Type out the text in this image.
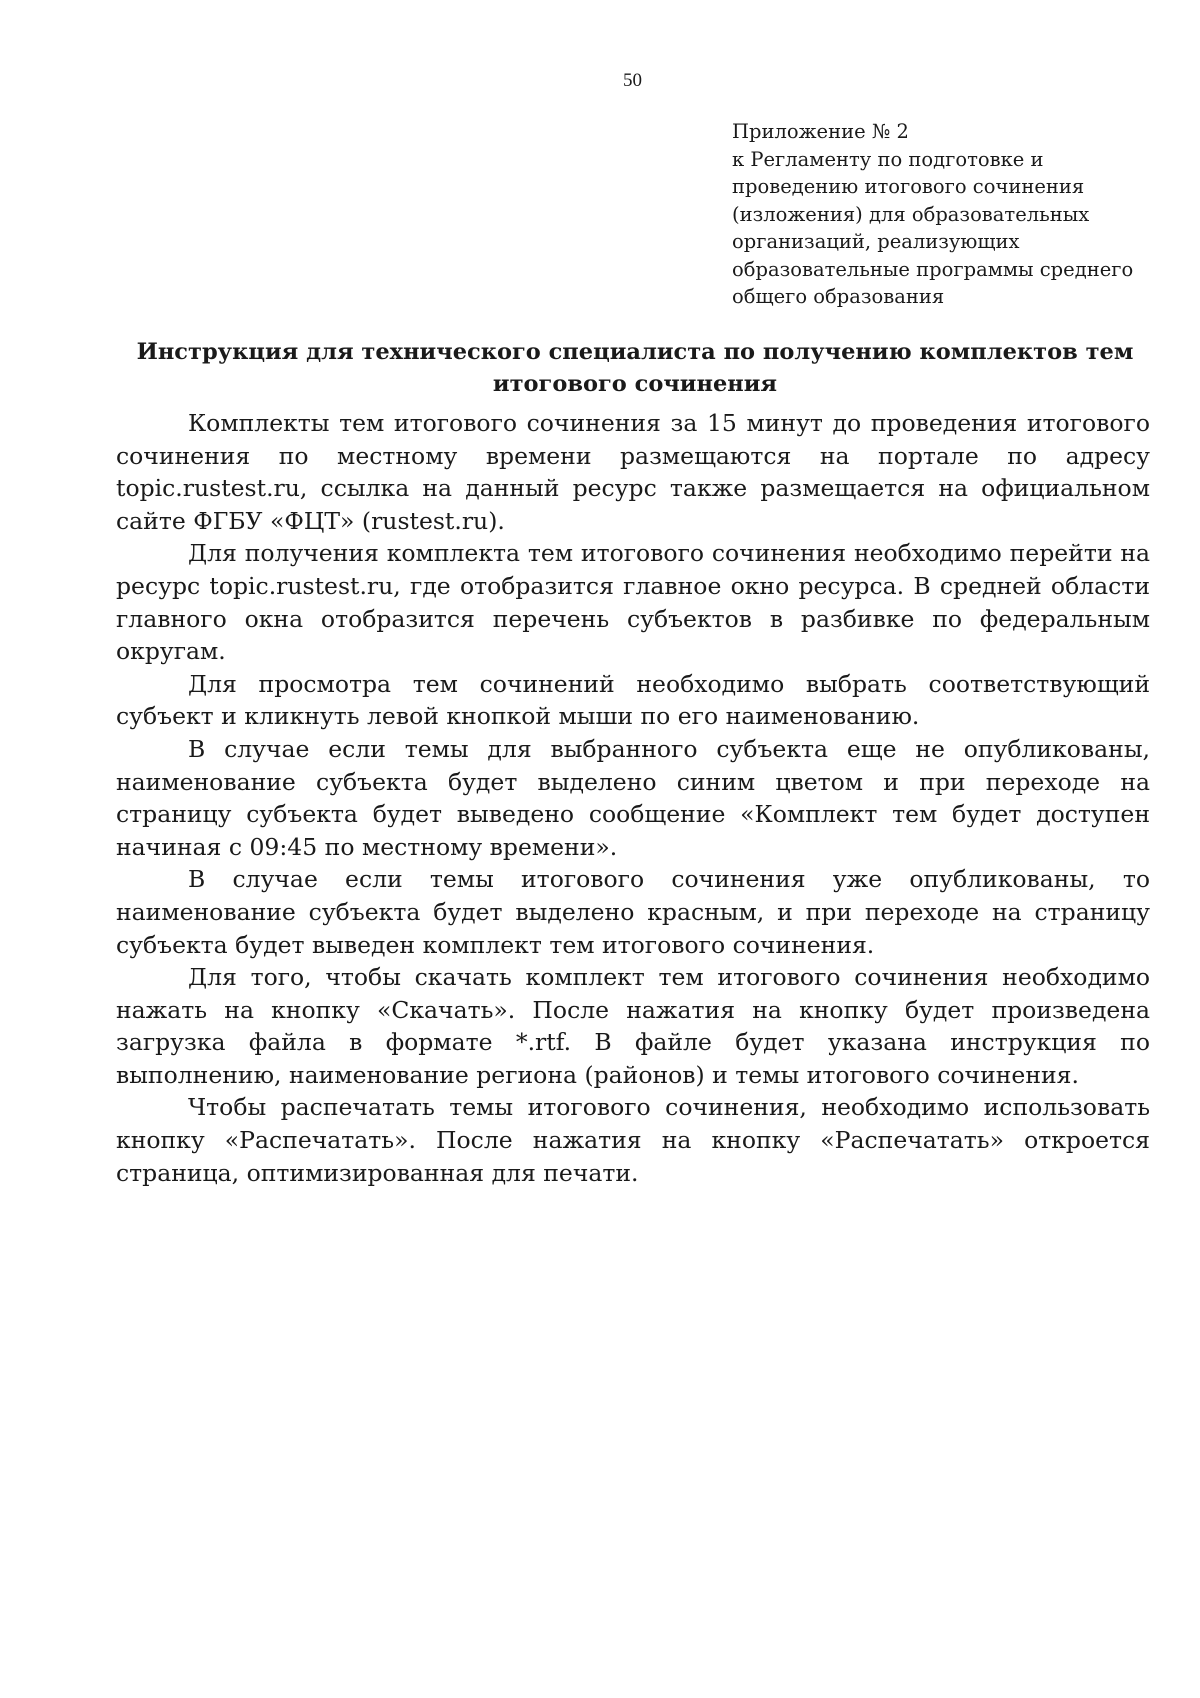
50
Приложение № 2
к Регламенту по подготовке и
проведению итогового сочинения
(изложения) для образовательных
организаций, реализующих
образовательные программы среднего
общего образования
Инструкция для технического специалиста по получению комплектов тем
итогового сочинения

Комплекты тем итогового сочинения за 15 минут до проведения итогового сочинения по местному времени размещаются на портале по адресу topic.rustest.ru, ссылка на данный ресурс также размещается на официальном сайте ФГБУ «ФЦТ» (rustest.ru).

Для получения комплекта тем итогового сочинения необходимо перейти на ресурс topic.rustest.ru, где отобразится главное окно ресурса. В средней области главного окна отобразится перечень субъектов в разбивке по федеральным округам.

Для просмотра тем сочинений необходимо выбрать соответствующий субъект и кликнуть левой кнопкой мыши по его наименованию.

В случае если темы для выбранного субъекта еще не опубликованы, наименование субъекта будет выделено синим цветом и при переходе на страницу субъекта будет выведено сообщение «Комплект тем будет доступен начиная с 09:45 по местному времени».

В случае если темы итогового сочинения уже опубликованы, то наименование субъекта будет выделено красным, и при переходе на страницу субъекта будет выведен комплект тем итогового сочинения.

Для того, чтобы скачать комплект тем итогового сочинения необходимо нажать на кнопку «Скачать». После нажатия на кнопку будет произведена загрузка файла в формате *.rtf. В файле будет указана инструкция по выполнению, наименование региона (районов) и темы итогового сочинения.

Чтобы распечатать темы итогового сочинения, необходимо использовать кнопку «Распечатать». После нажатия на кнопку «Распечатать» откроется страница, оптимизированная для печати.
